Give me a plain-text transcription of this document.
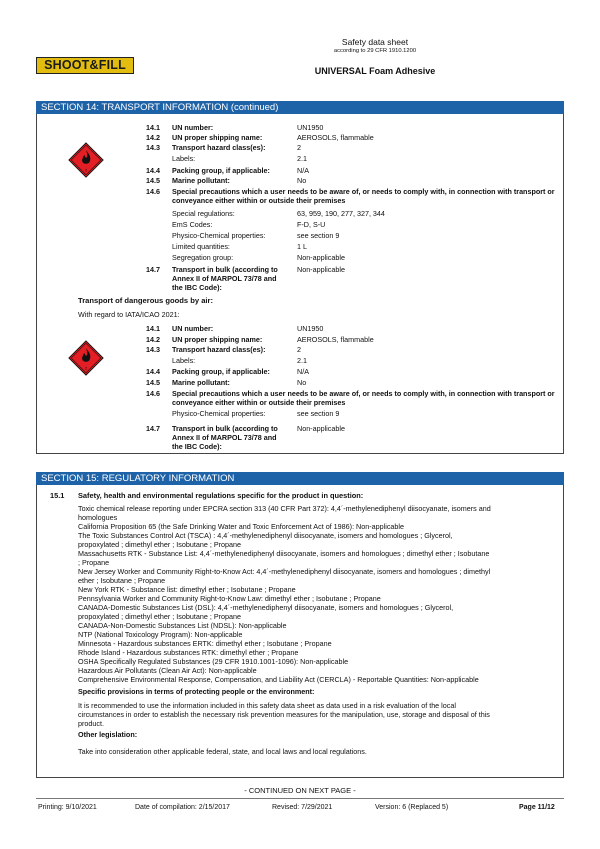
SHOOT&FILL
Safety data sheet
according to 29 CFR 1910.1200
UNIVERSAL Foam Adhesive
SECTION 14: TRANSPORT INFORMATION (continued)
2
14.1 UN number:	UN1950
14.2 UN proper shipping name:	AEROSOLS, flammable
14.3 Transport hazard class(es):	2
Labels:	2.1
14.4 Packing group, if applicable:	N/A
14.5 Marine pollutant:	No
14.6 Special precautions which a user needs to be aware of, or needs to comply with, in connection with transport or conveyance either within or outside their premises
Special regulations:	63, 959, 190, 277, 327, 344
EmS Codes:	F-D, S-U
Physico-Chemical properties:	see section 9
Limited quantities:	1 L
Segregation group:	Non-applicable
14.7 Transport in bulk (according to
Annex II of MARPOL 73/78 and
the IBC Code):
Non-applicable
Transport of dangerous goods by air:
With regard to IATA/ICAO 2021:
2
14.1 UN number:	UN1950
14.2 UN proper shipping name:	AEROSOLS, flammable
14.3 Transport hazard class(es):	2
Labels:	2.1
14.4 Packing group, if applicable:	N/A
14.5 Marine pollutant:	No
14.6 Special precautions which a user needs to be aware of, or needs to comply with, in connection with transport or conveyance either within or outside their premises
Physico-Chemical properties:	see section 9
14.7 Transport in bulk (according to
Annex II of MARPOL 73/78 and
the IBC Code):
Non-applicable
SECTION 15: REGULATORY INFORMATION
15.1 Safety, health and environmental regulations specific for the product in question:
Toxic chemical release reporting under EPCRA section 313 (40 CFR Part 372): 4,4´-methylenediphenyl diisocyanate, isomers and
homologues
California Proposition 65 (the Safe Drinking Water and Toxic Enforcement Act of 1986): Non-applicable
The Toxic Substances Control Act (TSCA) : 4,4´-methylenediphenyl diisocyanate, isomers and homologues ; Glycerol,
propoxylated ; dimethyl ether ; Isobutane ; Propane
Massachusetts RTK - Substance List: 4,4´-methylenediphenyl diisocyanate, isomers and homologues ; dimethyl ether ; Isobutane
; Propane
New Jersey Worker and Community Right-to-Know Act: 4,4´-methylenediphenyl diisocyanate, isomers and homologues ; dimethyl
ether ; Isobutane ; Propane
New York RTK - Substance list: dimethyl ether ; Isobutane ; Propane
Pennsylvania Worker and Community Right-to-Know Law: dimethyl ether ; Isobutane ; Propane
CANADA-Domestic Substances List (DSL): 4,4´-methylenediphenyl diisocyanate, isomers and homologues ; Glycerol,
propoxylated ; dimethyl ether ; Isobutane ; Propane
CANADA-Non-Domestic Substances List (NDSL): Non-applicable
NTP (National Toxicology Program): Non-applicable
Minnesota - Hazardous substances ERTK: dimethyl ether ; Isobutane ; Propane
Rhode Island - Hazardous substances RTK: dimethyl ether ; Propane
OSHA Specifically Regulated Substances (29 CFR 1910.1001-1096): Non-applicable
Hazardous Air Pollutants (Clean Air Act): Non-applicable
Comprehensive Environmental Response, Compensation, and Liability Act (CERCLA) - Reportable Quantities: Non-applicable
Specific provisions in terms of protecting people or the environment:
It is recommended to use the information included in this safety data sheet as data used in a risk evaluation of the local
circumstances in order to establish the necessary risk prevention measures for the manipulation, use, storage and disposal of this
product.
Other legislation:
Take into consideration other applicable federal, state, and local laws and local regulations.
- CONTINUED ON NEXT PAGE -
Printing: 9/10/2021	Date of compilation: 2/15/2017	Revised: 7/29/2021	Version: 6 (Replaced 5)	Page 11/12
